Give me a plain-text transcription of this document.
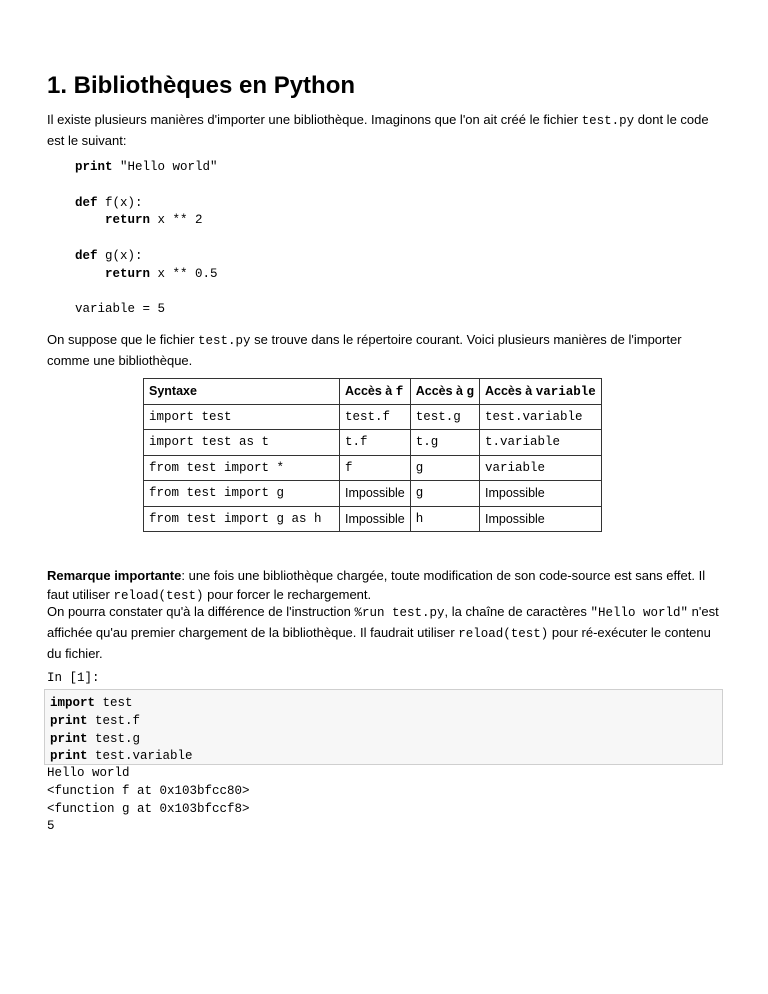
1. Bibliothèques en Python
Il existe plusieurs manières d'importer une bibliothèque. Imaginons que l'on ait créé le fichier test.py dont le code est le suivant:
print "Hello world"
def f(x):
return x ** 2
def g(x):
return x ** 0.5
variable = 5
On suppose que le fichier test.py se trouve dans le répertoire courant. Voici plusieurs manières de l'importer comme une bibliothèque.
Syntaxe	Accès à f	Accès à g	Accès à variable
import test	test.f	test.g	test.variable
import test as t	t.f	t.g	t.variable
from test import *	f	g	variable
from test import g	Impossible	g	Impossible
from test import g as h	Impossible	h	Impossible
Remarque importante: une fois une bibliothèque chargée, toute modification de son code-source est sans effet. Il faut utiliser reload(test) pour forcer le rechargement.
On pourra constater qu'à la différence de l'instruction %run test.py, la chaîne de caractères "Hello world" n'est affichée qu'au premier chargement de la bibliothèque. Il faudrait utiliser reload(test) pour ré-exécuter le contenu du fichier.
In [1]:
import test
print test.f
print test.g
print test.variable
Hello world
<function f at 0x103bfcc80>
<function g at 0x103bfccf8>
5
